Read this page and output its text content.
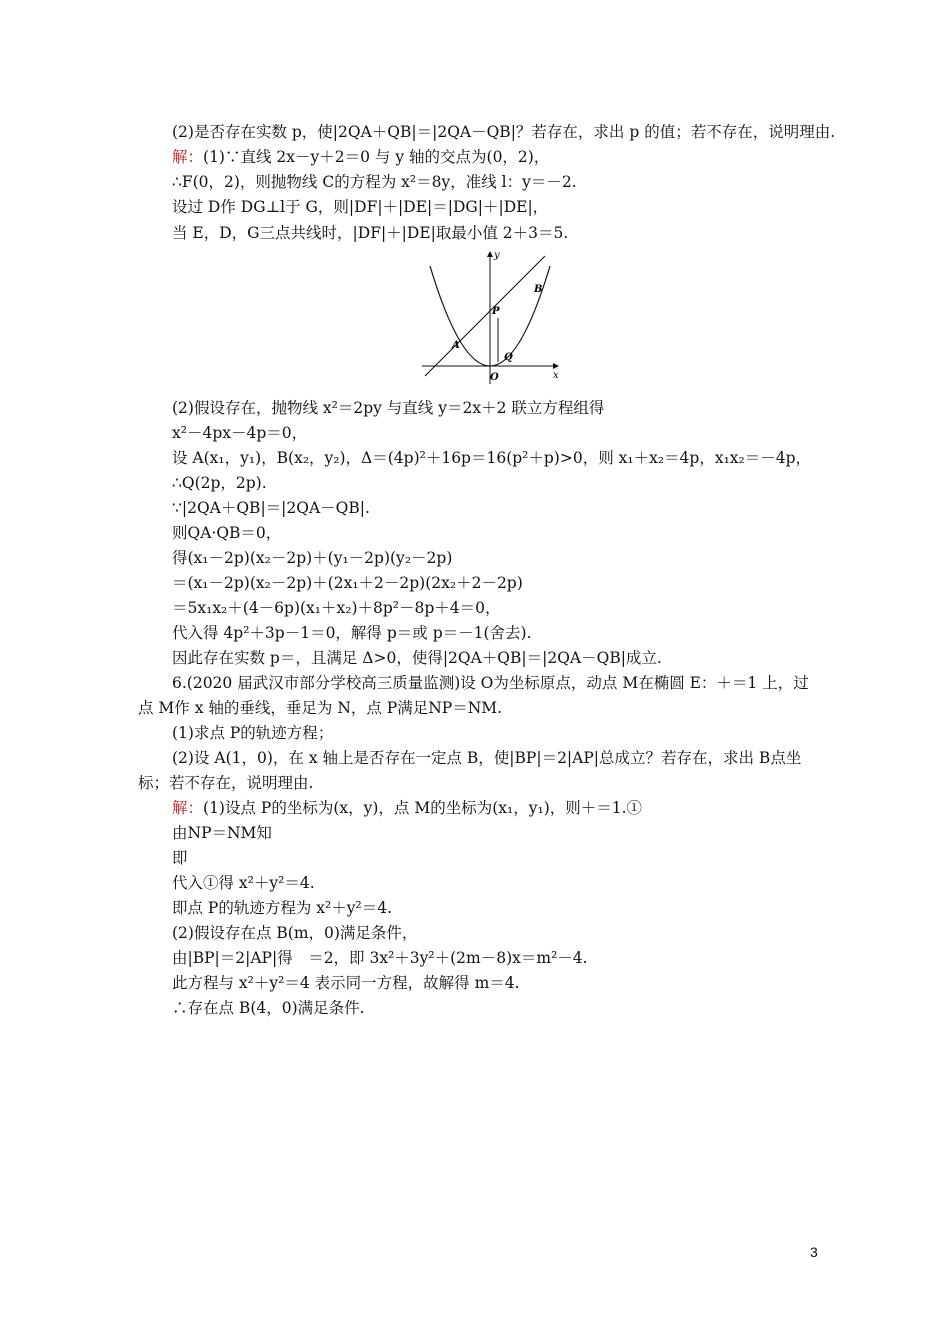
(2)是否存在实数 p，使|2QA＋QB|＝|2QA－QB|？若存在，求出 p 的值；若不存在，说明理由.
解：(1)∵直线 2x－y＋2＝0 与 y 轴的交点为(0，2)，
∴F(0，2)，则抛物线 C的方程为 x²＝8y，准线 l：y＝－2.
设过 D作 DG⊥l于 G，则|DF|＋|DE|＝|DG|＋|DE|，
当 E，D，G三点共线时，|DF|＋|DE|取最小值 2＋3＝5.
y
x
O
A
B
P
Q
(2)假设存在，抛物线 x²＝2py 与直线 y＝2x＋2 联立方程组得
x²－4px－4p＝0，
设 A(x₁，y₁)，B(x₂，y₂)，Δ＝(4p)²＋16p＝16(p²＋p)>0，则 x₁＋x₂＝4p，x₁x₂＝－4p，
∴Q(2p，2p).
∵|2QA＋QB|＝|2QA－QB|.
则QA·QB＝0，
得(x₁－2p)(x₂－2p)＋(y₁－2p)(y₂－2p)
＝(x₁－2p)(x₂－2p)＋(2x₁＋2－2p)(2x₂＋2－2p)
＝5x₁x₂＋(4－6p)(x₁＋x₂)＋8p²－8p＋4＝0，
代入得 4p²＋3p－1＝0，解得 p＝或 p＝－1(舍去).
因此存在实数 p＝，且满足 Δ>0，使得|2QA＋QB|＝|2QA－QB|成立.
6.(2020 届武汉市部分学校高三质量监测)设 O为坐标原点，动点 M在椭圆 E：＋＝1 上，过
点 M作 x 轴的垂线，垂足为 N，点 P满足NP＝NM.
(1)求点 P的轨迹方程；
(2)设 A(1，0)，在 x 轴上是否存在一定点 B，使|BP|＝2|AP|总成立？若存在，求出 B点坐
标；若不存在，说明理由.
解：(1)设点 P的坐标为(x，y)，点 M的坐标为(x₁，y₁)，则＋＝1.①
由NP＝NM知
即
代入①得 x²＋y²＝4.
即点 P的轨迹方程为 x²＋y²＝4.
(2)假设存在点 B(m，0)满足条件，
由|BP|＝2|AP|得　＝2，即 3x²＋3y²＋(2m－8)x＝m²－4.
此方程与 x²＋y²＝4 表示同一方程，故解得 m＝4.
∴存在点 B(4，0)满足条件.
3
